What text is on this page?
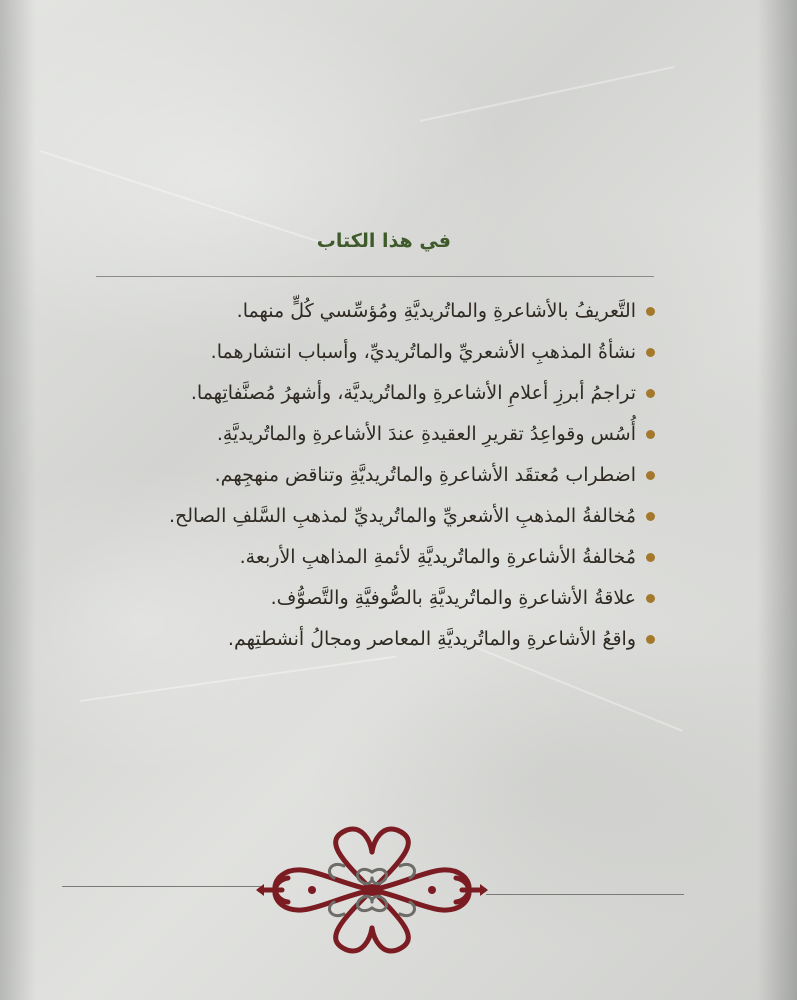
في هذا الكتاب
التَّعريفُ بالأشاعرةِ والماتُريديَّةِ ومُؤسِّسي كُلٍّ منهما.
نشأةُ المذهبِ الأشعريِّ والماتُريديِّ، وأسباب انتشارهما.
تراجمُ أبرزِ أعلامِ الأشاعرةِ والماتُريديَّة، وأشهرُ مُصنَّفاتِهما.
أُسُس وقواعِدُ تقريرِ العقيدةِ عندَ الأشاعرةِ والماتُريديَّةِ.
اضطراب مُعتقَد الأشاعرةِ والماتُريديَّةِ وتناقض منهجِهم.
مُخالفةُ المذهبِ الأشعريِّ والماتُريديِّ لمذهبِ السَّلفِ الصالح.
مُخالفةُ الأشاعرةِ والماتُريديَّةِ لأئمةِ المذاهبِ الأربعة.
علاقةُ الأشاعرةِ والماتُريديَّةِ بالصُّوفيَّةِ والتَّصوُّف.
واقعُ الأشاعرةِ والماتُريديَّةِ المعاصر ومجالُ أنشطتِهم.
